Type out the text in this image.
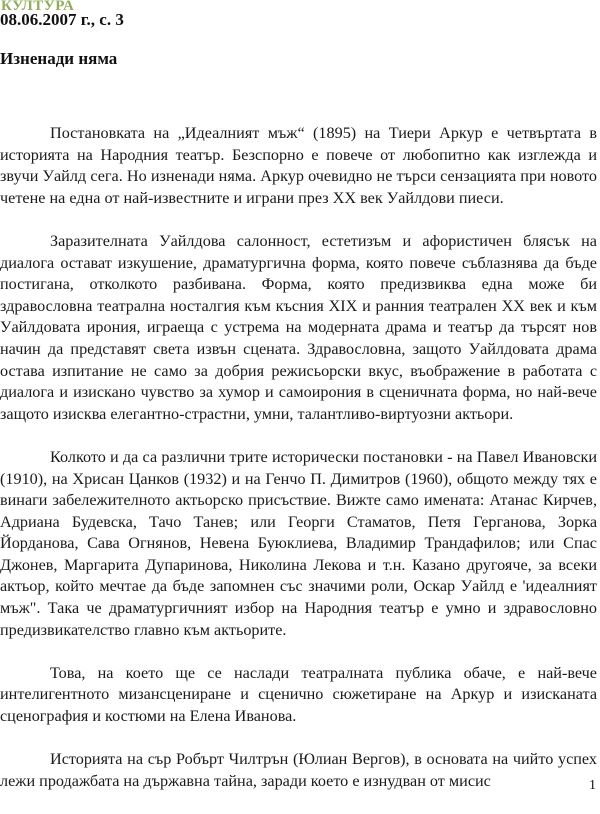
КУЛТУРА
08.06.2007 г., с. 3
Изненади няма

Постановката на „Идеалният мъж“ (1895) на Тиери Аркур е четвъртата в историята на Народния театър. Безспорно е повече от любопитно как изглежда и звучи Уайлд сега. Но изненади няма. Аркур очевидно не търси сензацията при новото четене на една от най-известните и играни през XX век Уайлдови пиеси.

Заразителната Уайлдова салонност, естетизъм и афористичен блясък на диалога остават изкушение, драматургична форма, която повече съблазнява да бъде постигана, отколкото разбивана. Форма, която предизвиква една може би здравословна театрална носталгия към късния XIX и ранния театрален XX век и към Уайлдовата ирония, играеща с устрема на модерната драма и театър да търсят нов начин да представят света извън сцената. Здравословна, защото Уайлдовата драма остава изпитание не само за добрия режисьорски вкус, въображение в работата с диалога и изискано чувство за хумор и самоирония в сценичната форма, но най-вече защото изисква елегантно-страстни, умни, талантливо-виртуозни актьори.

Колкото и да са различни трите исторически постановки - на Павел Ивановски (1910), на Хрисан Цанков (1932) и на Генчо П. Димитров (1960), общото между тях е винаги забележителното актьорско присъствие. Вижте само имената: Атанас Кирчев, Адриана Будевска, Тачо Танев; или Георги Стаматов, Петя Герганова, Зорка Йорданова, Сава Огнянов, Невена Буюклиева, Владимир Трандафилов; или Спас Джонев, Маргарита Дупаринова, Николина Лекова и т.н. Казано другояче, за всеки актьор, който мечтае да бъде запомнен със значими роли, Оскар Уайлд е 'идеалният мъж". Така че драматургичният избор на Народния театър е умно и здравословно предизвикателство главно към актьорите.

Това, на което ще се наслади театралната публика обаче, е най-вече интелигентното мизансцениране и сценично сюжетиране на Аркур и изисканата сценография и костюми на Елена Иванова.

Историята на сър Робърт Чилтрън (Юлиан Вергов), в основата на чийто успех лежи продажбата на държавна тайна, заради което е изнудван от мисис	1
